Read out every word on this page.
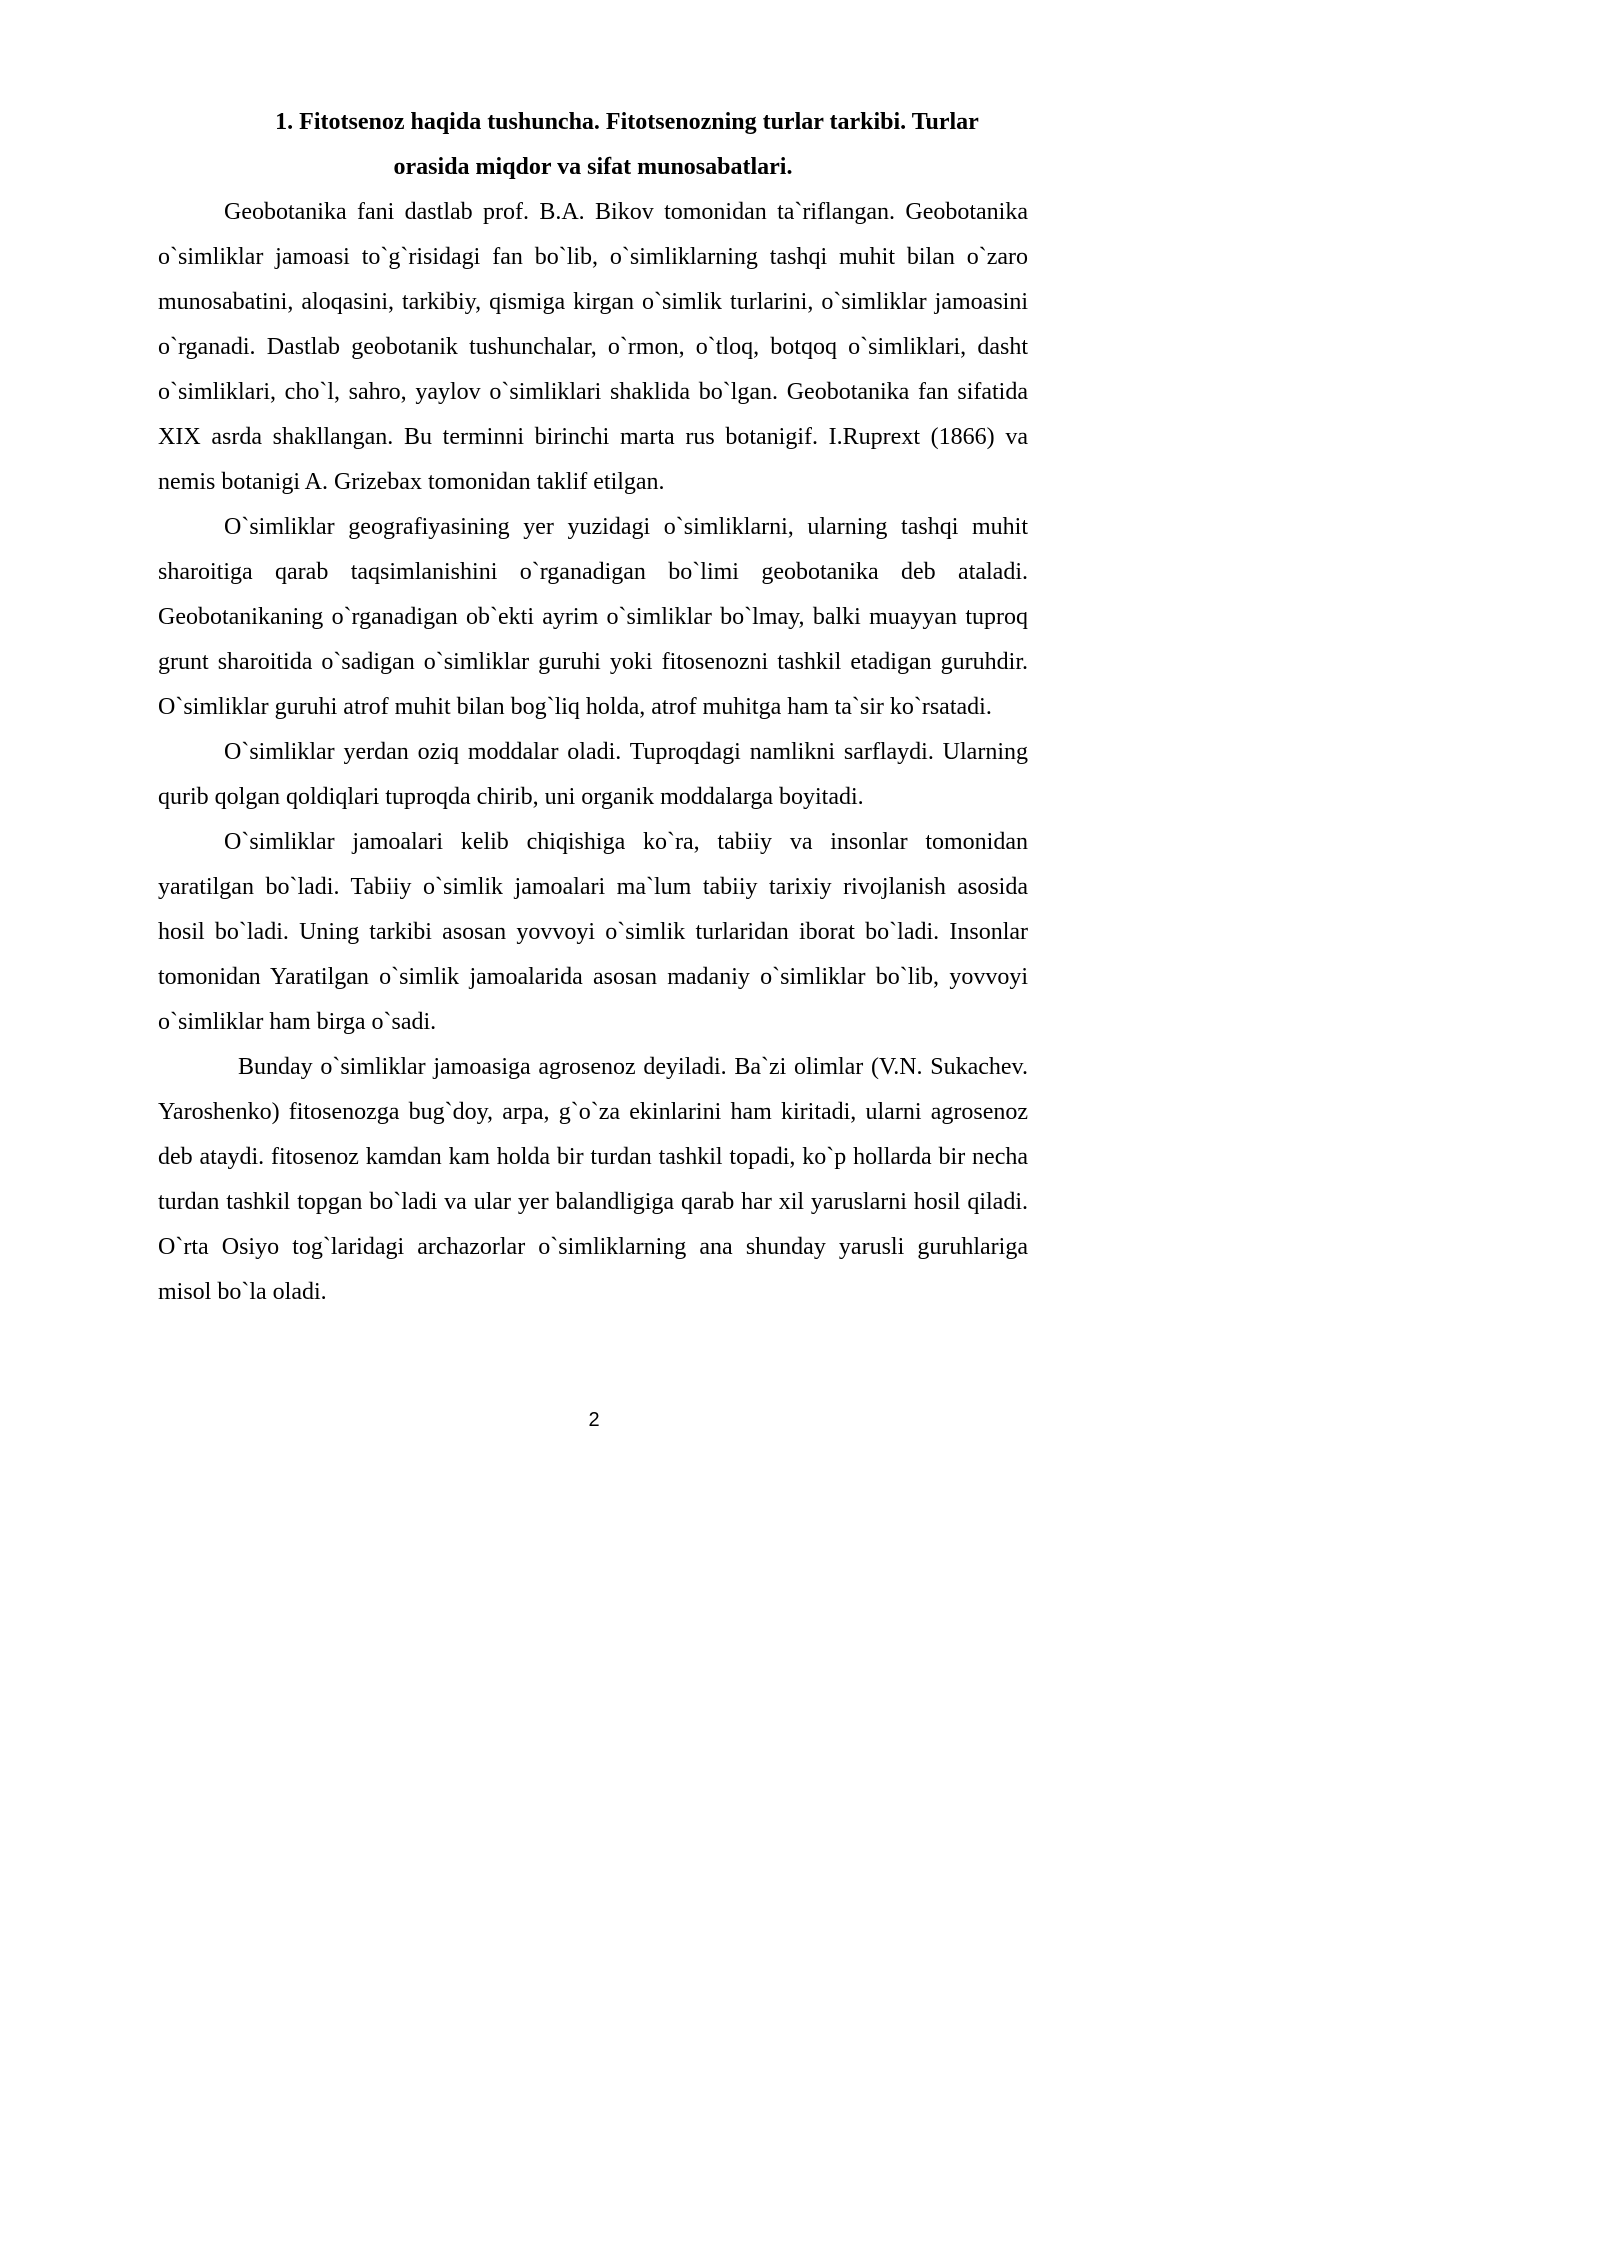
1. Fitotsenoz haqida tushuncha. Fitotsenozning turlar tarkibi. Turlar
orasida miqdor va sifat munosabatlari.

Geobotanika fani dastlab prof. B.A. Bikov tomonidan ta`riflangan. Geobotanika o`simliklar jamoasi to`g`risidagi fan bo`lib, o`simliklarning tashqi muhit bilan o`zaro munosabatini, aloqasini, tarkibiy, qismiga kirgan o`simlik turlarini, o`simliklar jamoasini o`rganadi. Dastlab geobotanik tushunchalar, o`rmon, o`tloq, botqoq o`simliklari, dasht o`simliklari, cho`l, sahro, yaylov o`simliklari shaklida bo`lgan. Geobotanika fan sifatida XIX asrda shakllangan. Bu terminni birinchi marta rus botanigif. I.Ruprext (1866) va nemis botanigi A. Grizebax tomonidan taklif etilgan.

O`simliklar geografiyasining yer yuzidagi o`simliklarni, ularning tashqi muhit sharoitiga qarab taqsimlanishini o`rganadigan bo`limi geobotanika deb ataladi. Geobotanikaning o`rganadigan ob`ekti ayrim o`simliklar bo`lmay, balki muayyan tuproq grunt sharoitida o`sadigan o`simliklar guruhi yoki fitosenozni tashkil etadigan guruhdir. O`simliklar guruhi atrof muhit bilan bog`liq holda, atrof muhitga ham ta`sir ko`rsatadi.

O`simliklar yerdan oziq moddalar oladi. Tuproqdagi namlikni sarflaydi. Ularning qurib qolgan qoldiqlari tuproqda chirib, uni organik moddalarga boyitadi.

O`simliklar jamoalari kelib chiqishiga ko`ra, tabiiy va insonlar tomonidan yaratilgan bo`ladi. Tabiiy o`simlik jamoalari ma`lum tabiiy tarixiy rivojlanish asosida hosil bo`ladi. Uning tarkibi asosan yovvoyi o`simlik turlaridan iborat bo`ladi. Insonlar tomonidan Yaratilgan o`simlik jamoalarida asosan madaniy o`simliklar bo`lib, yovvoyi o`simliklar ham birga o`sadi.

Bunday o`simliklar jamoasiga agrosenoz deyiladi. Ba`zi olimlar (V.N. Sukachev. Yaroshenko) fitosenozga bug`doy, arpa, g`o`za ekinlarini ham kiritadi, ularni agrosenoz deb ataydi. fitosenoz kamdan kam holda bir turdan tashkil topadi, ko`p hollarda bir necha turdan tashkil topgan bo`ladi va ular yer balandligiga qarab har xil yaruslarni hosil qiladi. O`rta Osiyo tog`laridagi archazorlar o`simliklarning ana shunday yarusli guruhlariga misol bo`la oladi.

2
